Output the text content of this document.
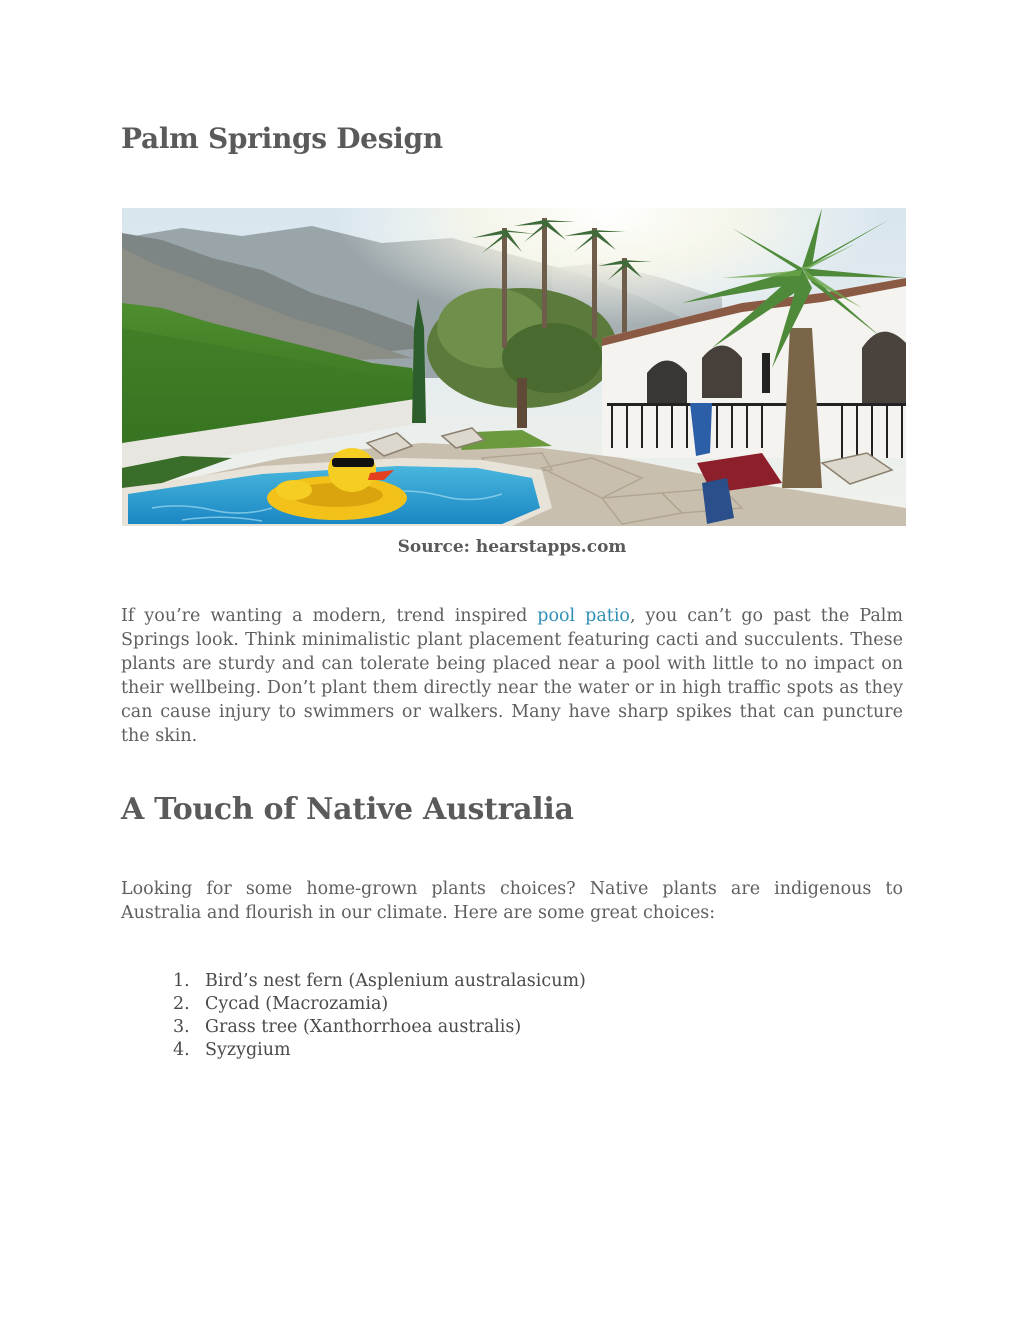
Palm Springs Design
Source: hearstapps.com

If you’re wanting a modern, trend inspired pool patio, you can’t go past the Palm Springs look. Think minimalistic plant placement featuring cacti and succulents. These plants are sturdy and can tolerate being placed near a pool with little to no impact on their wellbeing. Don’t plant them directly near the water or in high traffic spots as they can cause injury to swimmers or walkers. Many have sharp spikes that can puncture the skin.

A Touch of Native Australia

Looking for some home-grown plants choices? Native plants are indigenous to Australia and flourish in our climate. Here are some great choices:

1. Bird’s nest fern (Asplenium australasicum)
2. Cycad (Macrozamia)
3. Grass tree (Xanthorrhoea australis)
4. Syzygium
